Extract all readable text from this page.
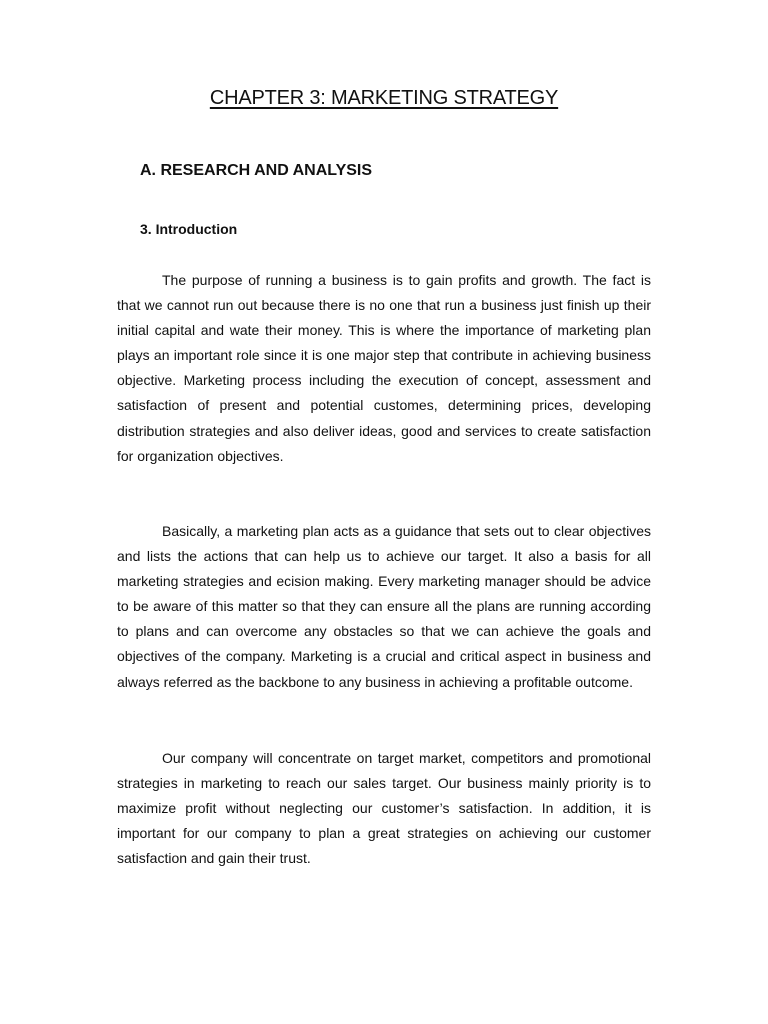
CHAPTER 3: MARKETING STRATEGY
A. RESEARCH AND ANALYSIS
3. Introduction

The purpose of running a business is to gain profits and growth. The fact is that we cannot run out because there is no one that run a business just finish up their initial capital and wate their money. This is where the importance of marketing plan plays an important role since it is one major step that contribute in achieving business objective. Marketing process including the execution of concept, assessment and satisfaction of present and potential customes, determining prices, developing distribution strategies and also deliver ideas, good and services to create satisfaction for organization objectives.

Basically, a marketing plan acts as a guidance that sets out to clear objectives and lists the actions that can help us to achieve our target. It also a basis for all marketing strategies and ecision making. Every marketing manager should be advice to be aware of this matter so that they can ensure all the plans are running according to plans and can overcome any obstacles so that we can achieve the goals and objectives of the company. Marketing is a crucial and critical aspect in business and always referred as the backbone to any business in achieving a profitable outcome.

Our company will concentrate on target market, competitors and promotional strategies in marketing to reach our sales target. Our business mainly priority is to maximize profit without neglecting our customer’s satisfaction. In addition, it is important for our company to plan a great strategies on achieving our customer satisfaction and gain their trust.
